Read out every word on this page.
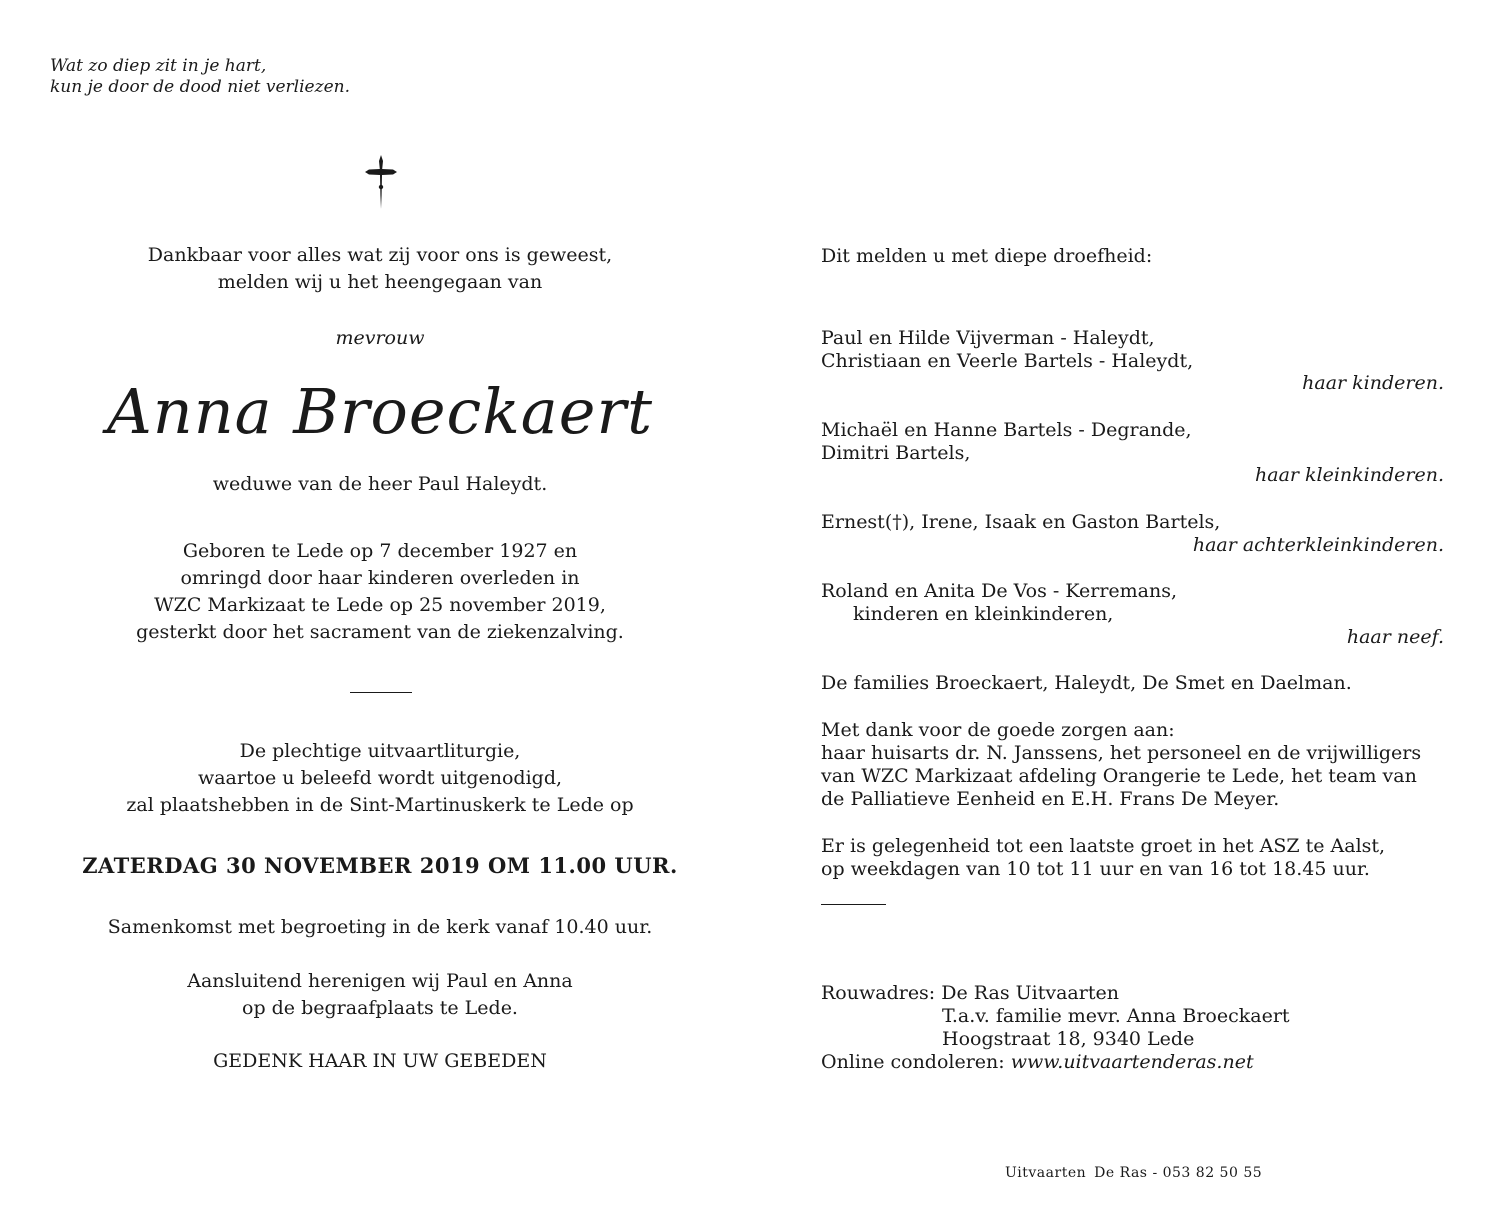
Wat zo diep zit in je hart,
kun je door de dood niet verliezen.
Dankbaar voor alles wat zij voor ons is geweest,
melden wij u het heengegaan van
mevrouw
Anna Broeckaert
weduwe van de heer Paul Haleydt.
Geboren te Lede op 7 december 1927 en
omringd door haar kinderen overleden in
WZC Markizaat te Lede op 25 november 2019,
gesterkt door het sacrament van de ziekenzalving.
De plechtige uitvaartliturgie,
waartoe u beleefd wordt uitgenodigd,
zal plaatshebben in de Sint-Martinuskerk te Lede op
ZATERDAG 30 NOVEMBER 2019 OM 11.00 UUR.
Samenkomst met begroeting in de kerk vanaf 10.40 uur.
Aansluitend herenigen wij Paul en Anna
op de begraafplaats te Lede.
GEDENK HAAR IN UW GEBEDEN
Dit melden u met diepe droefheid:
Paul en Hilde Vijverman - Haleydt,
Christiaan en Veerle Bartels - Haleydt,
haar kinderen.
Michaël en Hanne Bartels - Degrande,
Dimitri Bartels,
haar kleinkinderen.
Ernest(†), Irene, Isaak en Gaston Bartels,
haar achterkleinkinderen.
Roland en Anita De Vos - Kerremans,
kinderen en kleinkinderen,
haar neef.
De families Broeckaert, Haleydt, De Smet en Daelman.
Met dank voor de goede zorgen aan:
haar huisarts dr. N. Janssens, het personeel en de vrijwilligers
van WZC Markizaat afdeling Orangerie te Lede, het team van
de Palliatieve Eenheid en E.H. Frans De Meyer.
Er is gelegenheid tot een laatste groet in het ASZ te Aalst,
op weekdagen van 10 tot 11 uur en van 16 tot 18.45 uur.
Rouwadres: De Ras Uitvaarten
T.a.v. familie mevr. Anna Broeckaert
Hoogstraat 18, 9340 Lede
Online condoleren: www.uitvaartenderas.net
Uitvaarten De Ras - 053 82 50 55
